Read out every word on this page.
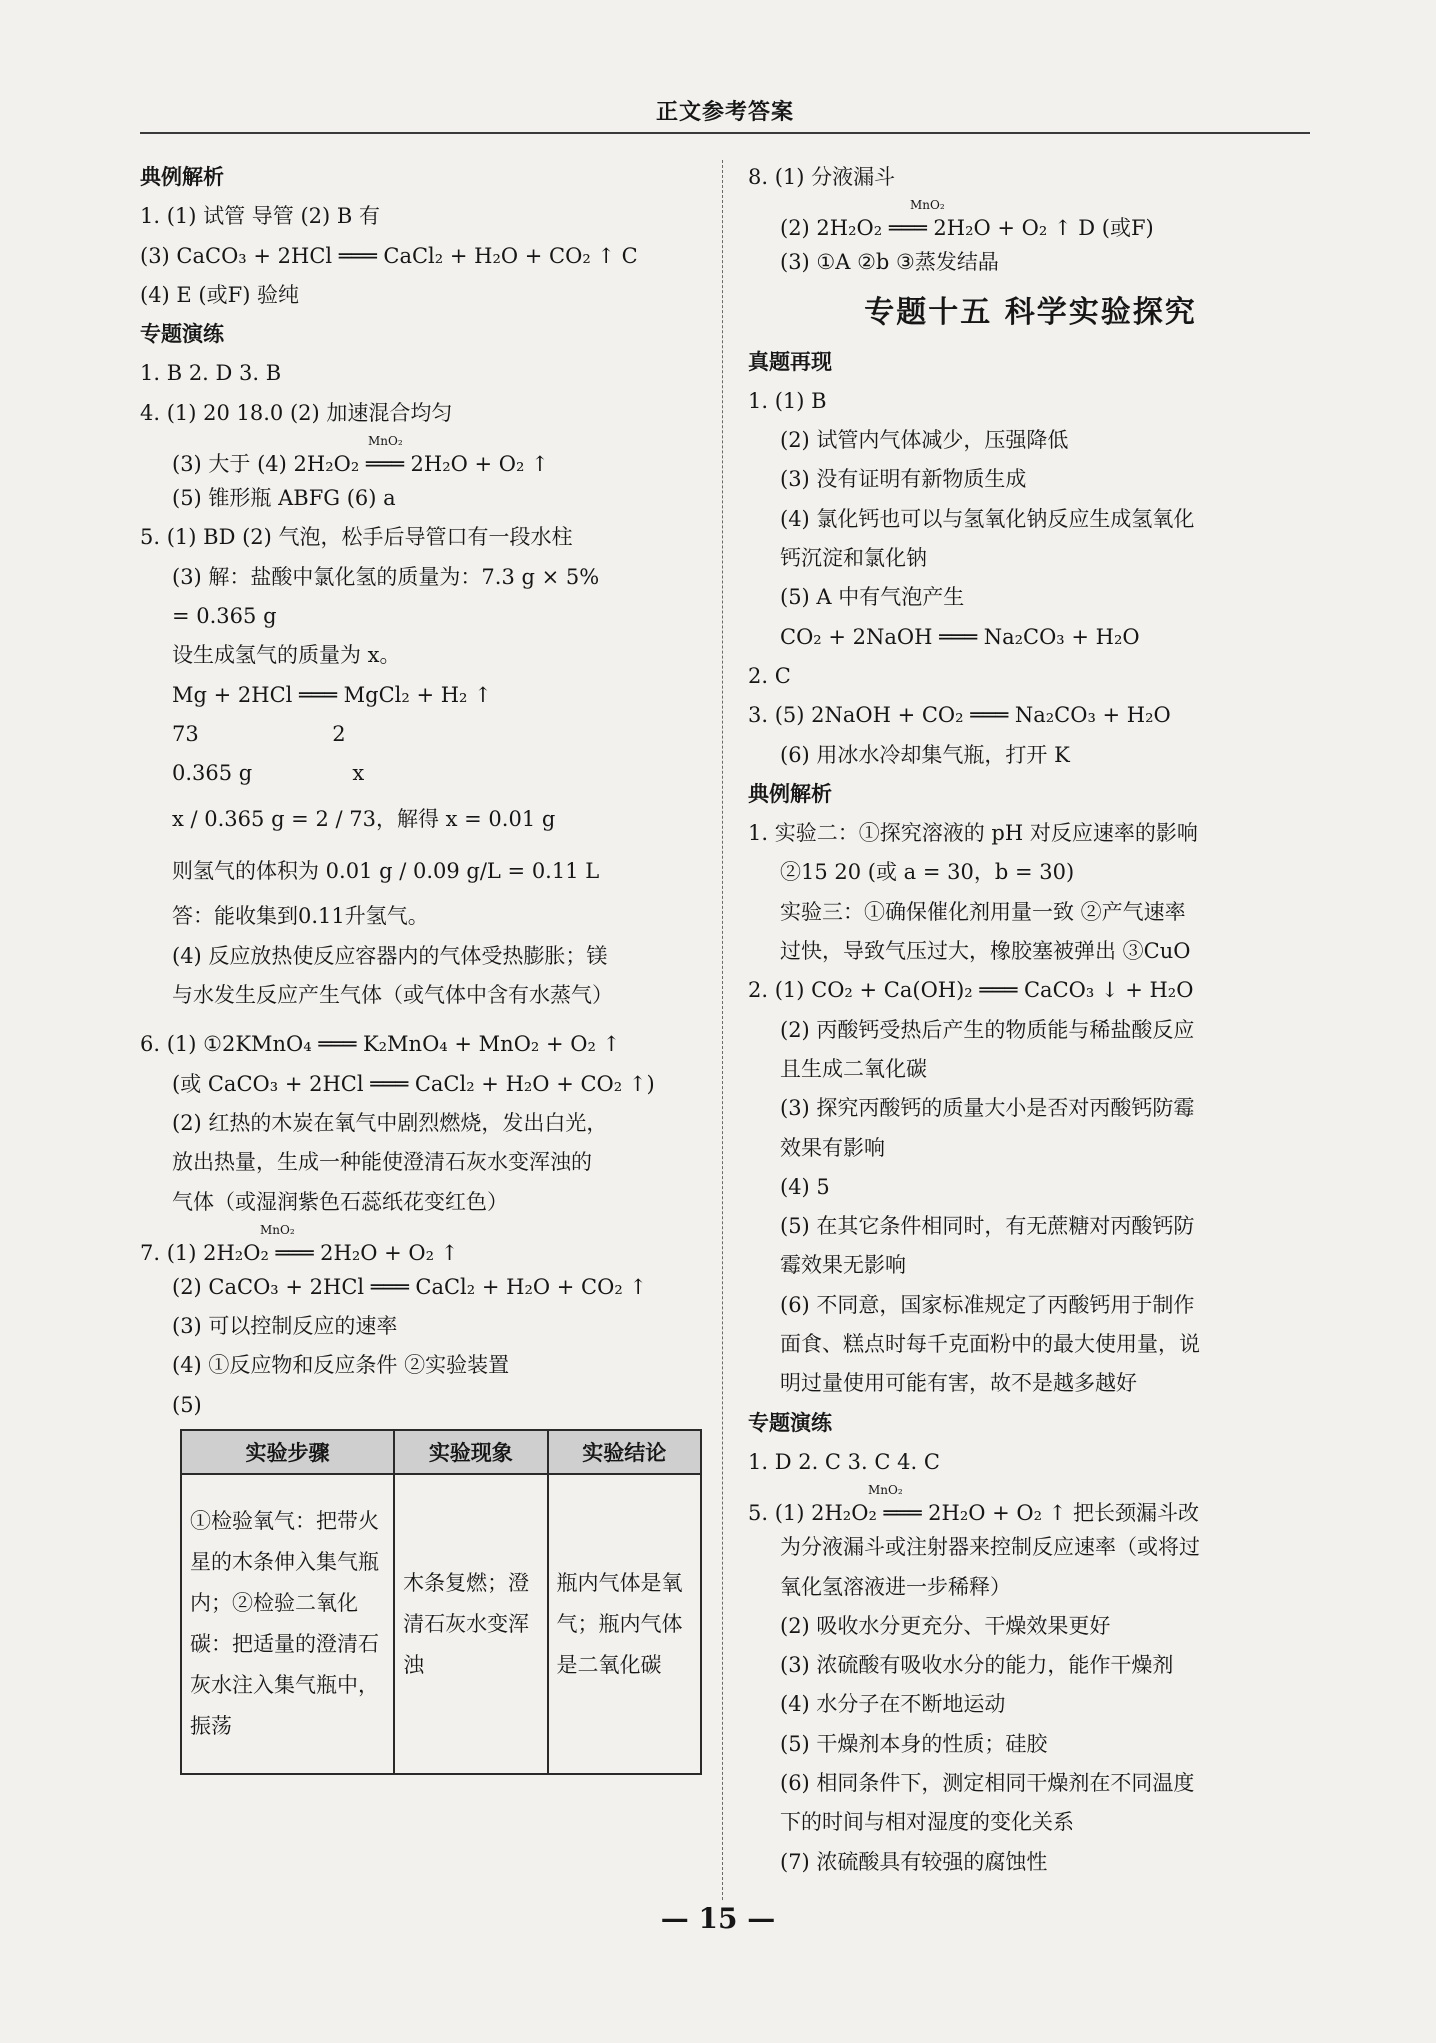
正文参考答案
典例解析
1. (1) 试管 导管 (2) B 有
(3) CaCO₃ + 2HCl ═══ CaCl₂ + H₂O + CO₂ ↑ C
(4) E (或F) 验纯
专题演练
1. B 2. D 3. B
4. (1) 20 18.0 (2) 加速混合均匀
MnO₂
(3) 大于 (4) 2H₂O₂ ═══ 2H₂O + O₂ ↑
(5) 锥形瓶 ABFG (6) a
5. (1) BD (2) 气泡，松手后导管口有一段水柱
(3) 解：盐酸中氯化氢的质量为：7.3 g × 5%
= 0.365 g
设生成氢气的质量为 x。
Mg + 2HCl ═══ MgCl₂ + H₂ ↑
73                    2
0.365 g               x
x / 0.365 g = 2 / 73，解得 x = 0.01 g
则氢气的体积为 0.01 g / 0.09 g/L = 0.11 L
答：能收集到0.11升氢气。
(4) 反应放热使反应容器内的气体受热膨胀；镁
与水发生反应产生气体（或气体中含有水蒸气）
6. (1) ①2KMnO₄ ═══ K₂MnO₄ + MnO₂ + O₂ ↑
(或 CaCO₃ + 2HCl ═══ CaCl₂ + H₂O + CO₂ ↑)
(2) 红热的木炭在氧气中剧烈燃烧，发出白光，
放出热量，生成一种能使澄清石灰水变浑浊的
气体（或湿润紫色石蕊纸花变红色）
MnO₂
7. (1) 2H₂O₂ ═══ 2H₂O + O₂ ↑
(2) CaCO₃ + 2HCl ═══ CaCl₂ + H₂O + CO₂ ↑
(3) 可以控制反应的速率
(4) ①反应物和反应条件 ②实验装置
(5)
实验步骤	实验现象	实验结论
①检验氧气：把带火星的木条伸入集气瓶内；②检验二氧化碳：把适量的澄清石灰水注入集气瓶中，振荡	木条复燃；澄清石灰水变浑浊	瓶内气体是氧气；瓶内气体是二氧化碳
8. (1) 分液漏斗
MnO₂
(2) 2H₂O₂ ═══ 2H₂O + O₂ ↑ D (或F)
(3) ①A ②b ③蒸发结晶
专题十五 科学实验探究
真题再现
1. (1) B
(2) 试管内气体减少，压强降低
(3) 没有证明有新物质生成
(4) 氯化钙也可以与氢氧化钠反应生成氢氧化
钙沉淀和氯化钠
(5) A 中有气泡产生
CO₂ + 2NaOH ═══ Na₂CO₃ + H₂O
2. C
3. (5) 2NaOH + CO₂ ═══ Na₂CO₃ + H₂O
(6) 用冰水冷却集气瓶，打开 K
典例解析
1. 实验二：①探究溶液的 pH 对反应速率的影响
②15 20 (或 a = 30，b = 30)
实验三：①确保催化剂用量一致 ②产气速率
过快，导致气压过大，橡胶塞被弹出 ③CuO
2. (1) CO₂ + Ca(OH)₂ ═══ CaCO₃ ↓ + H₂O
(2) 丙酸钙受热后产生的物质能与稀盐酸反应
且生成二氧化碳
(3) 探究丙酸钙的质量大小是否对丙酸钙防霉
效果有影响
(4) 5
(5) 在其它条件相同时，有无蔗糖对丙酸钙防
霉效果无影响
(6) 不同意，国家标准规定了丙酸钙用于制作
面食、糕点时每千克面粉中的最大使用量，说
明过量使用可能有害，故不是越多越好
专题演练
1. D 2. C 3. C 4. C
MnO₂
5. (1) 2H₂O₂ ═══ 2H₂O + O₂ ↑ 把长颈漏斗改
为分液漏斗或注射器来控制反应速率（或将过
氧化氢溶液进一步稀释）
(2) 吸收水分更充分、干燥效果更好
(3) 浓硫酸有吸收水分的能力，能作干燥剂
(4) 水分子在不断地运动
(5) 干燥剂本身的性质；硅胶
(6) 相同条件下，测定相同干燥剂在不同温度
下的时间与相对湿度的变化关系
(7) 浓硫酸具有较强的腐蚀性
— 15 —
